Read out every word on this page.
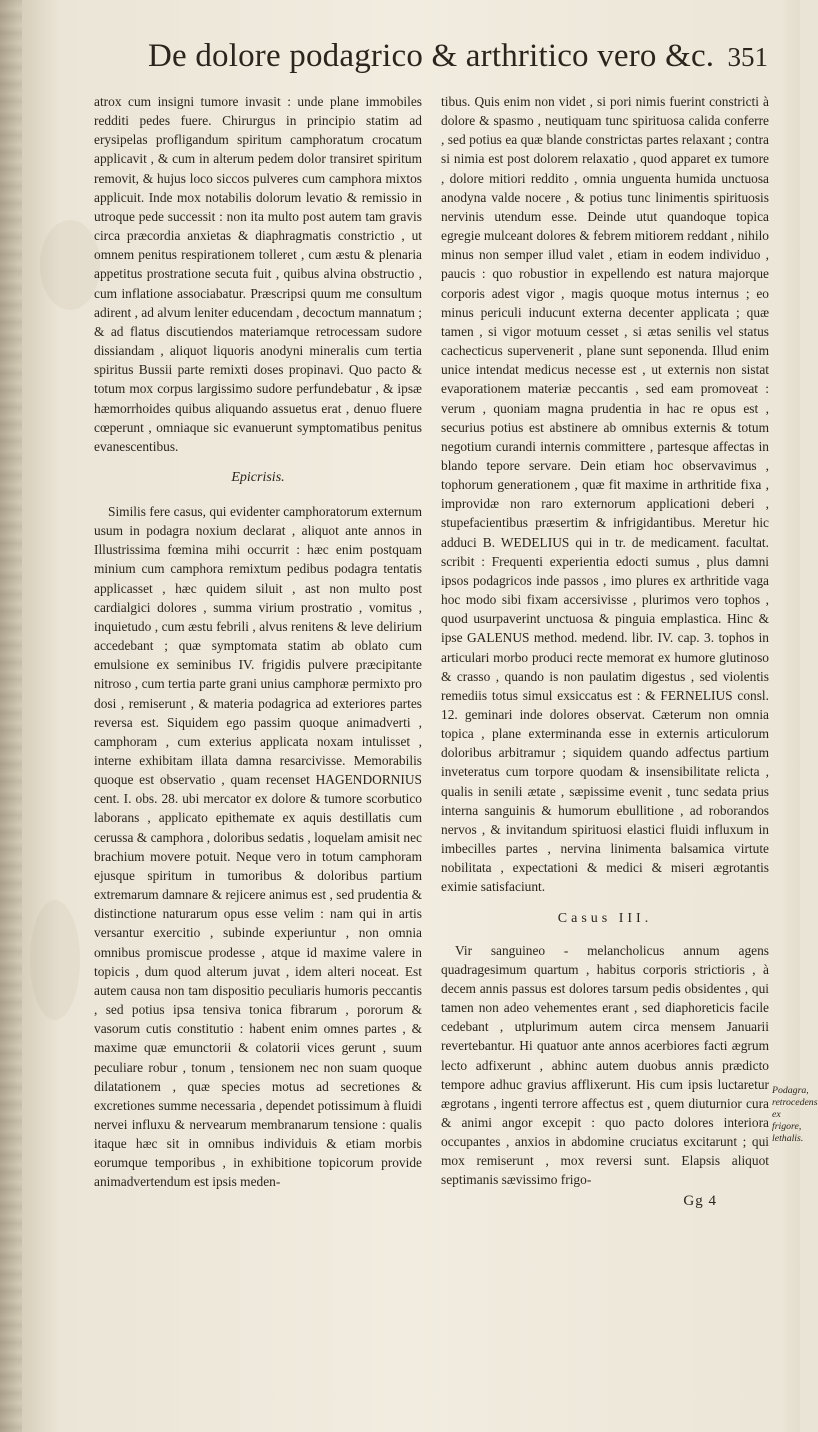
De dolore podagrico & arthritico vero &c. 351

atrox cum insigni tumore invasit : unde plane immobiles redditi pedes fuere. Chirurgus in principio statim ad erysipelas profligandum spiritum camphoratum crocatum applicavit , & cum in alterum pedem dolor transiret spiritum removit, & hujus loco siccos pulveres cum camphora mixtos applicuit. Inde mox notabilis dolorum levatio & remissio in utroque pede successit : non ita multo post autem tam gravis circa præcordia anxietas & diaphragmatis constrictio , ut omnem penitus respirationem tolleret , cum æstu & plenaria appetitus prostratione secuta fuit , quibus alvina obstructio , cum inflatione associabatur. Præscripsi quum me consultum adirent , ad alvum leniter educendam , decoctum mannatum ; & ad flatus discutiendos materiamque retrocessam sudore dissiandam , aliquot liquoris anodyni mineralis cum tertia spiritus Bussii parte remixti doses propinavi. Quo pacto & totum mox corpus largissimo sudore perfundebatur , & ipsæ hæmorrhoides quibus aliquando assuetus erat , denuo fluere cœperunt , omniaque sic evanuerunt symptomatibus penitus evanescentibus.

Epicrisis.

Similis fere casus, qui evidenter camphoratorum externum usum in podagra noxium declarat , aliquot ante annos in Illustrissima fœmina mihi occurrit : hæc enim postquam minium cum camphora remixtum pedibus podagra tentatis applicasset , hæc quidem siluit , ast non multo post cardialgici dolores , summa virium prostratio , vomitus , inquietudo , cum æstu febrili , alvus renitens & leve delirium accedebant ; quæ symptomata statim ab oblato cum emulsione ex seminibus IV. frigidis pulvere præcipitante nitroso , cum tertia parte grani unius camphoræ permixto pro dosi , remiserunt , & materia podagrica ad exteriores partes reversa est. Siquidem ego passim quoque animadverti , camphoram , cum exterius applicata noxam intulisset , interne exhibitam illata damna resarcivisse. Memorabilis quoque est observatio , quam recenset HAGENDORNIUS cent. I. obs. 28. ubi mercator ex dolore & tumore scorbutico laborans , applicato epithemate ex aquis destillatis cum cerussa & camphora , doloribus sedatis , loquelam amisit nec brachium movere potuit. Neque vero in totum camphoram ejusque spiritum in tumoribus & doloribus partium extremarum damnare & rejicere animus est , sed prudentia & distinctione naturarum opus esse velim : nam qui in artis versantur exercitio , subinde experiuntur , non omnia omnibus promiscue prodesse , atque id maxime valere in topicis , dum quod alterum juvat , idem alteri noceat. Est autem causa non tam dispositio peculiaris humoris peccantis , sed potius ipsa tensiva tonica fibrarum , pororum & vasorum cutis constitutio : habent enim omnes partes , & maxime quæ emunctorii & colatorii vices gerunt , suum peculiare robur , tonum , tensionem nec non suam quoque dilatationem , quæ species motus ad secretiones & excretiones summe necessaria , dependet potissimum à fluidi nervei influxu & nervearum membranarum tensione : qualis itaque hæc sit in omnibus individuis & etiam morbis eorumque temporibus , in exhibitione topicorum provide animadvertendum est ipsis meden-

tibus. Quis enim non videt , si pori nimis fuerint constricti à dolore & spasmo , neutiquam tunc spirituosa calida conferre , sed potius ea quæ blande constrictas partes relaxant ; contra si nimia est post dolorem relaxatio , quod apparet ex tumore , dolore mitiori reddito , omnia unguenta humida unctuosa anodyna valde nocere , & potius tunc linimentis spirituosis nervinis utendum esse. Deinde utut quandoque topica egregie mulceant dolores & febrem mitiorem reddant , nihilo minus non semper illud valet , etiam in eodem individuo , paucis : quo robustior in expellendo est natura majorque corporis adest vigor , magis quoque motus internus ; eo minus periculi inducunt externa decenter applicata ; quæ tamen , si vigor motuum cesset , si ætas senilis vel status cachecticus supervenerit , plane sunt seponenda. Illud enim unice intendat medicus necesse est , ut externis non sistat evaporationem materiæ peccantis , sed eam promoveat : verum , quoniam magna prudentia in hac re opus est , securius potius est abstinere ab omnibus externis & totum negotium curandi internis committere , partesque affectas in blando tepore servare. Dein etiam hoc observavimus , tophorum generationem , quæ fit maxime in arthritide fixa , improvidæ non raro externorum applicationi deberi , stupefacientibus præsertim & infrigidantibus. Meretur hic adduci B. WEDELIUS qui in tr. de medicament. facultat. scribit : Frequenti experientia edocti sumus , plus damni ipsos podagricos inde passos , imo plures ex arthritide vaga hoc modo sibi fixam accersivisse , plurimos vero tophos , quod usurpaverint unctuosa & pinguia emplastica. Hinc & ipse GALENUS method. medend. libr. IV. cap. 3. tophos in articulari morbo produci recte memorat ex humore glutinoso & crasso , quando is non paulatim digestus , sed violentis remediis totus simul exsiccatus est : & FERNELIUS consl. 12. geminari inde dolores observat. Cæterum non omnia topica , plane exterminanda esse in externis articulorum doloribus arbitramur ; siquidem quando adfectus partium inveteratus cum torpore quodam & insensibilitate relicta , qualis in senili ætate , sæpissime evenit , tunc sedata prius interna sanguinis & humorum ebullitione , ad roborandos nervos , & invitandum spirituosi elastici fluidi influxum in imbecilles partes , nervina linimenta balsamica virtute nobilitata , expectationi & medici & miseri ægrotantis eximie satisfaciunt.

Casus III.

Vir sanguineo - melancholicus annum agens quadragesimum quartum , habitus corporis strictioris , à decem annis passus est dolores tarsum pedis obsidentes , qui tamen non adeo vehementes erant , sed diaphoreticis facile cedebant , utplurimum autem circa mensem Januarii revertebantur. Hi quatuor ante annos acerbiores facti ægrum lecto adfixerunt , abhinc autem duobus annis prædicto tempore adhuc gravius afflixerunt. His cum ipsis luctaretur ægrotans , ingenti terrore affectus est , quem diuturnior cura & animi angor excepit : quo pacto dolores interiora occupantes , anxios in abdomine cruciatus excitarunt ; qui mox remiserunt , mox reversi sunt. Elapsis aliquot septimanis sævissimo frigo-

Gg 4
Podagra, retrocedens ex frigore, lethalis.
